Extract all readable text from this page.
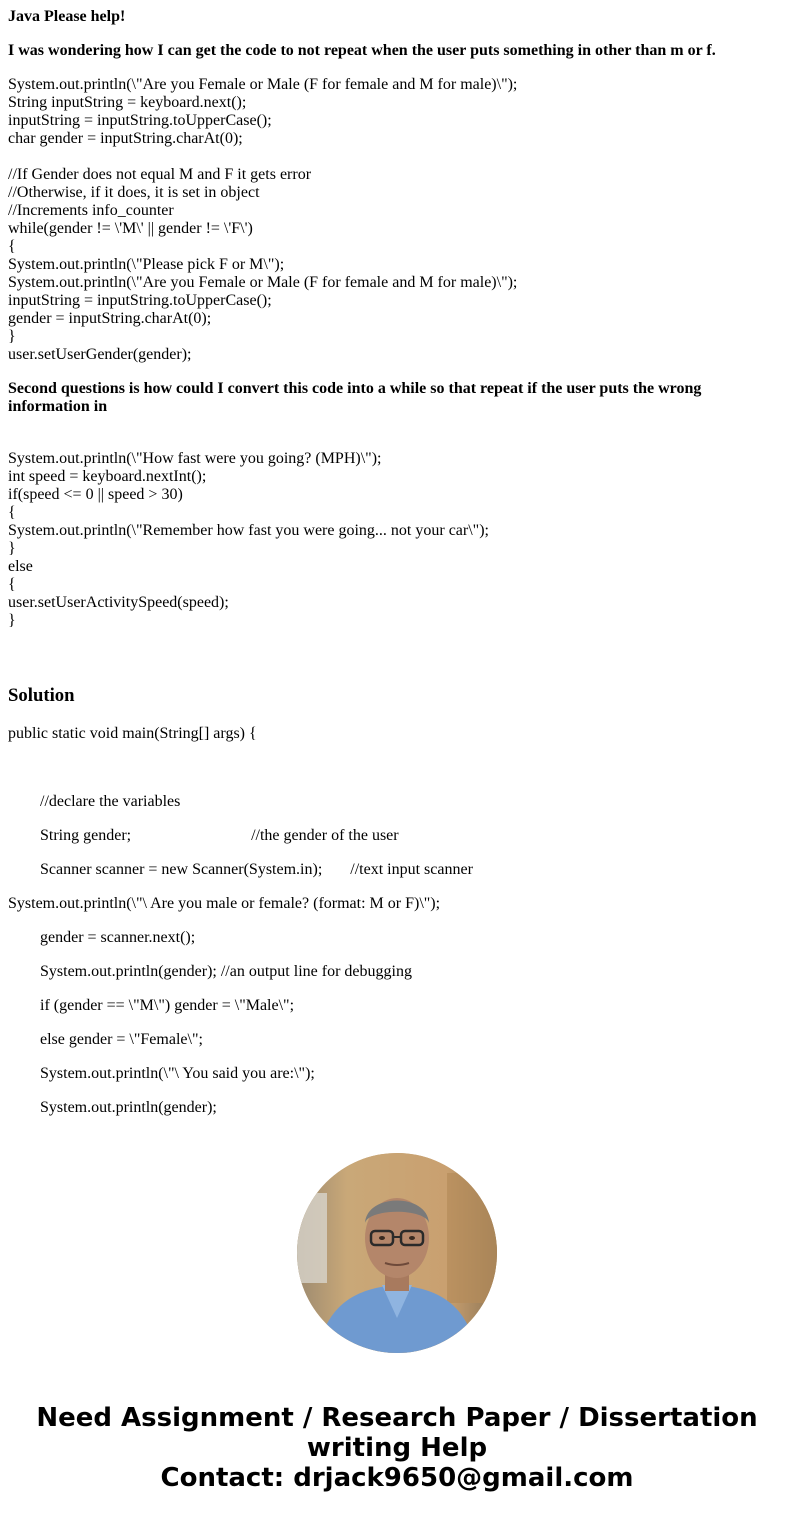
Java Please help!

I was wondering how I can get the code to not repeat when the user puts something in other than m or f.

System.out.println(\"Are you Female or Male (F for female and M for male)\");

String inputString = keyboard.next();

inputString = inputString.toUpperCase();

char gender = inputString.charAt(0);

//If Gender does not equal M and F it gets error

//Otherwise, if it does, it is set in object

//Increments info_counter

while(gender != \'M\' || gender != \'F\')

{

System.out.println(\"Please pick F or M\");

System.out.println(\"Are you Female or Male (F for female and M for male)\");

inputString = inputString.toUpperCase();

gender = inputString.charAt(0);

}

user.setUserGender(gender);

Second questions is how could I convert this code into a while so that repeat if the user puts the wrong information in

System.out.println(\"How fast were you going? (MPH)\");

int speed = keyboard.nextInt();

if(speed <= 0 || speed > 30)

{

System.out.println(\"Remember how fast you were going... not your car\");

}

else

{

user.setUserActivitySpeed(speed);

}

Solution

public static void main(String[] args) {

//declare the variables

String gender;                              //the gender of the user

Scanner scanner = new Scanner(System.in);       //text input scanner

System.out.println(\"\ Are you male or female? (format: M or F)\");

gender = scanner.next();

System.out.println(gender); //an output line for debugging

if (gender == \"M\") gender = \"Male\";

else gender = \"Female\";

System.out.println(\"\ You said you are:\");

System.out.println(gender);

Need Assignment / Research Paper / Dissertation
writing Help
Contact: drjack9650@gmail.com
